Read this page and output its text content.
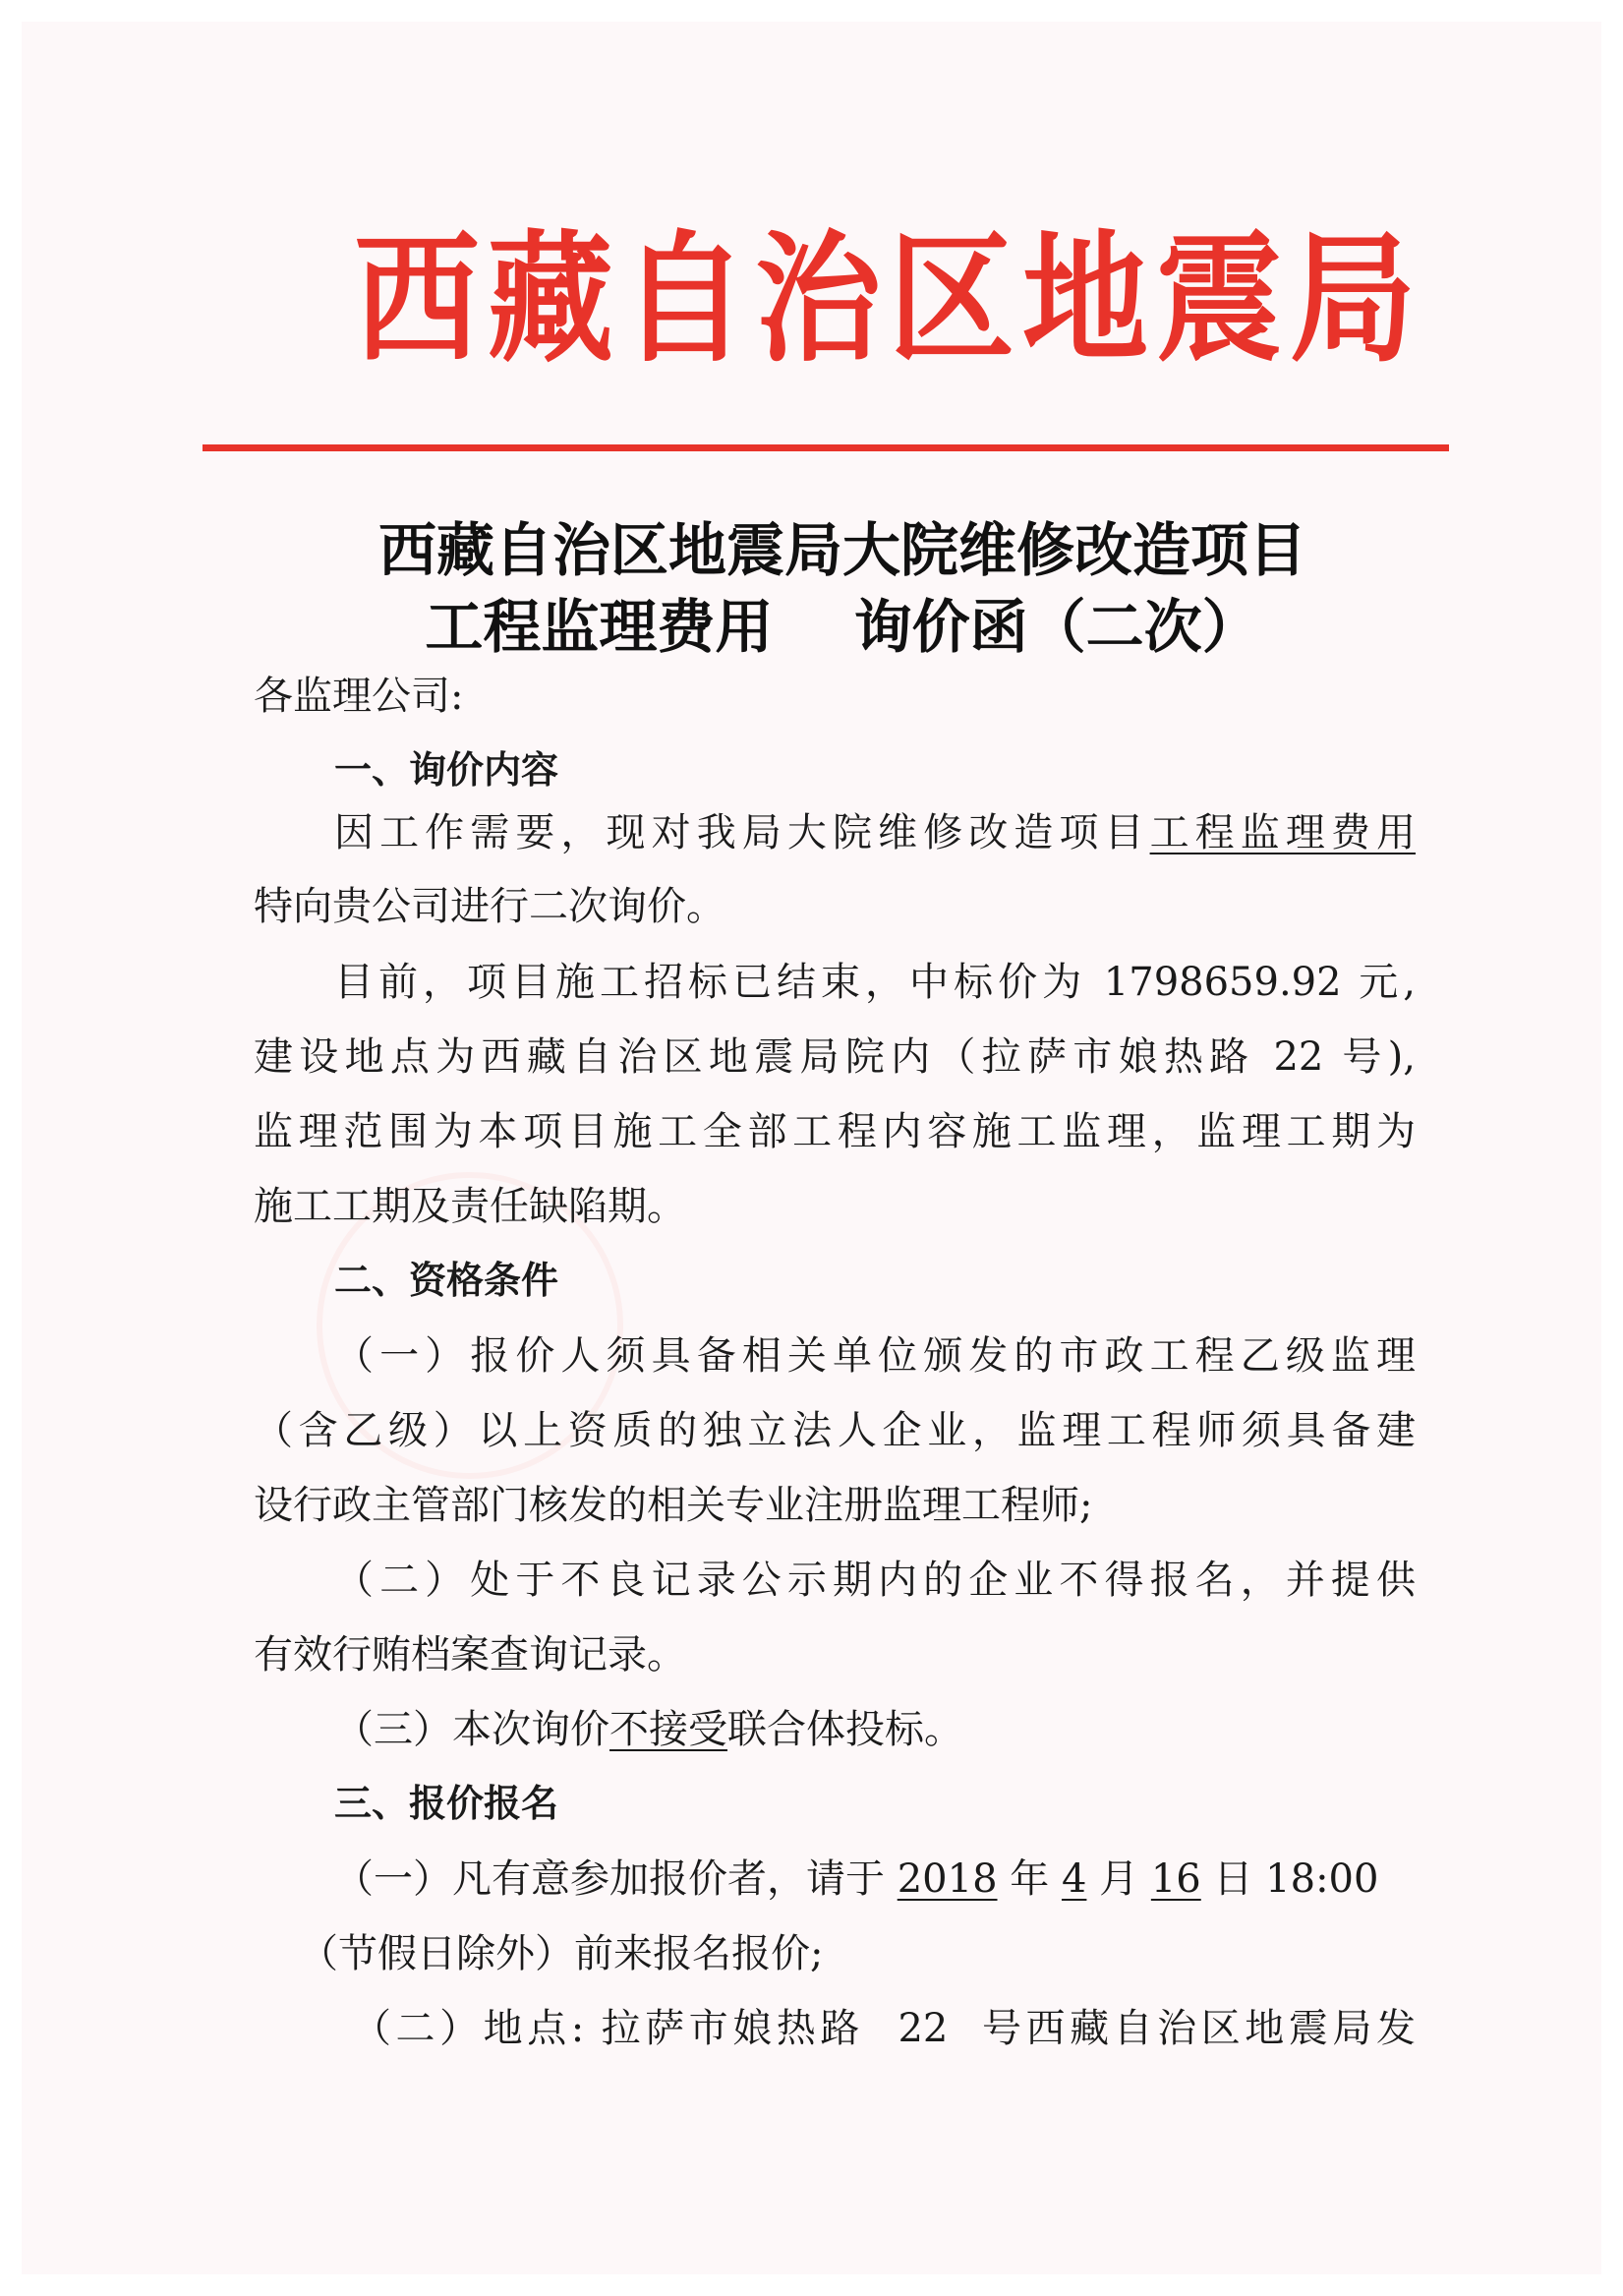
西藏自治区地震局
西藏自治区地震局大院维修改造项目
工程监理费用    询价函（二次）
各监理公司:
一、询价内容
因工作需要，现对我局大院维修改造项目工程监理费用
特向贵公司进行二次询价。
目前，项目施工招标已结束，中标价为 1798659.92 元,
建设地点为西藏自治区地震局院内（拉萨市娘热路 22 号),
监理范围为本项目施工全部工程内容施工监理，监理工期为
施工工期及责任缺陷期。
二、资格条件
（一）报价人须具备相关单位颁发的市政工程乙级监理
（含乙级）以上资质的独立法人企业，监理工程师须具备建
设行政主管部门核发的相关专业注册监理工程师;
（二）处于不良记录公示期内的企业不得报名，并提供
有效行贿档案查询记录。
（三）本次询价不接受联合体投标。
三、报价报名
（一）凡有意参加报价者，请于 2018 年 4 月 16 日 18:00
（节假日除外）前来报名报价;
（二）地点: 拉萨市娘热路  22  号西藏自治区地震局发
